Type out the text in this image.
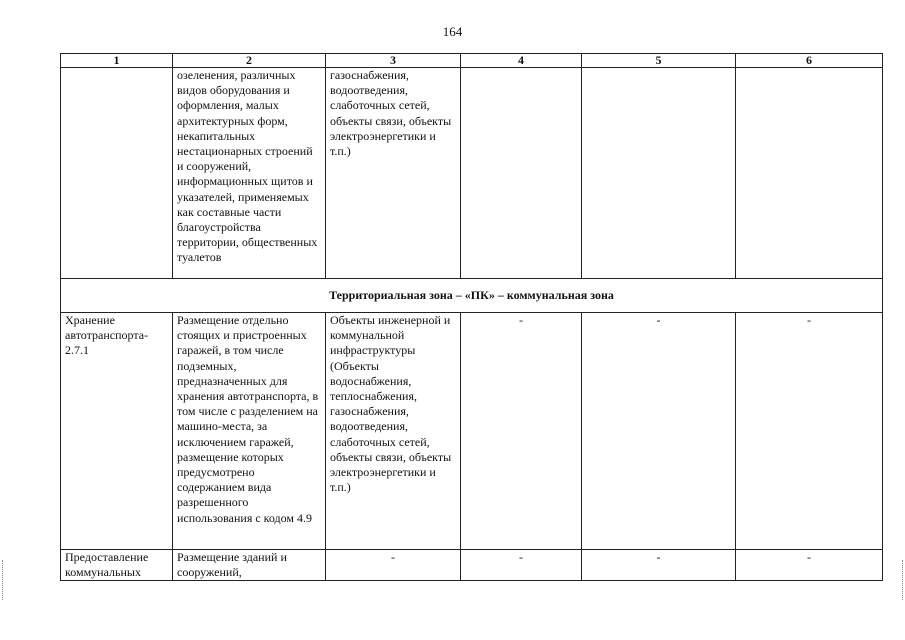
164
1	2	3	4	5	6
	озеленения, различных видов оборудования и оформления, малых архитектурных форм, некапитальных нестационарных строений и сооружений, информационных щитов и указателей, применяемых как составные части благоустройства территории, общественных туалетов	газоснабжения, водоотведения, слаботочных сетей, объекты связи, объекты электроэнергетики и т.п.)			
Территориальная зона – «ПК» – коммунальная зона					
Хранение автотранспорта- 2.7.1	Размещение отдельно стоящих и пристроенных гаражей, в том числе подземных, предназначенных для хранения автотранспорта, в том числе с разделением на машино-места, за исключением гаражей, размещение которых предусмотрено содержанием вида разрешенного использования с кодом 4.9	Объекты инженерной и коммунальной инфраструктуры (Объекты водоснабжения, теплоснабжения, газоснабжения, водоотведения, слаботочных сетей, объекты связи, объекты электроэнергетики и т.п.)	-	-	-
Предоставление коммунальных	Размещение зданий и сооружений,	-	-	-	-
